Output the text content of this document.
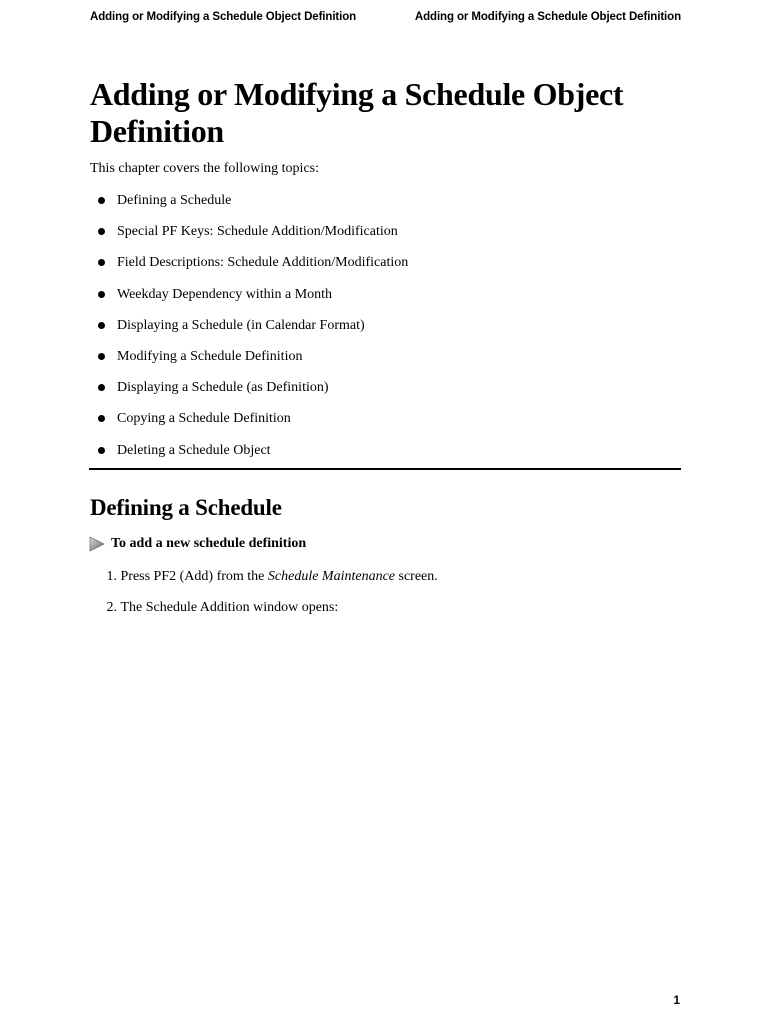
Adding or Modifying a Schedule Object Definition	Adding or Modifying a Schedule Object Definition
Adding or Modifying a Schedule Object Definition

This chapter covers the following topics:

Defining a Schedule
Special PF Keys: Schedule Addition/Modification
Field Descriptions: Schedule Addition/Modification
Weekday Dependency within a Month
Displaying a Schedule (in Calendar Format)
Modifying a Schedule Definition
Displaying a Schedule (as Definition)
Copying a Schedule Definition
Deleting a Schedule Object
Defining a Schedule
To add a new schedule definition
1. Press PF2 (Add) from the Schedule Maintenance screen.
2. The Schedule Addition window opens:
1
